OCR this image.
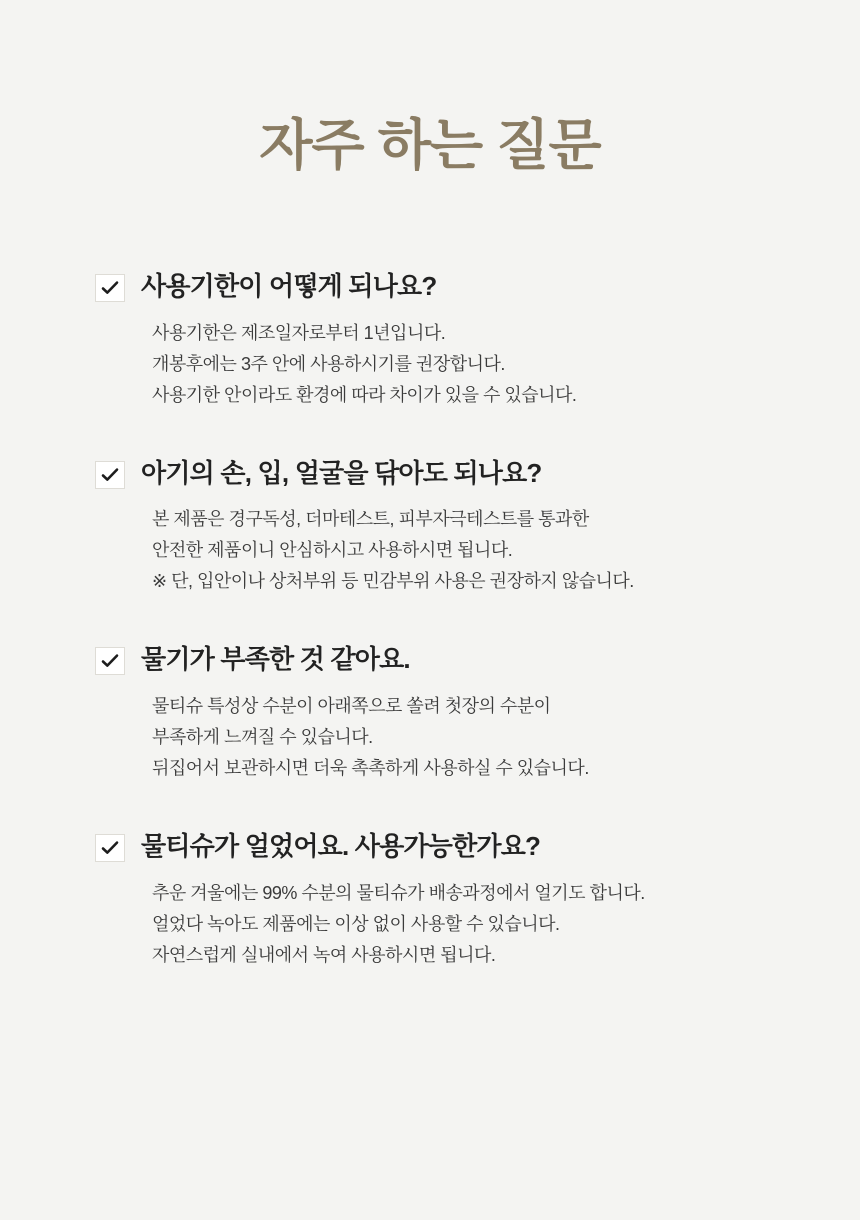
자주 하는 질문
사용기한이 어떻게 되나요?
사용기한은 제조일자로부터 1년입니다.
개봉후에는 3주 안에 사용하시기를 권장합니다.
사용기한 안이라도 환경에 따라 차이가 있을 수 있습니다.
아기의 손, 입, 얼굴을 닦아도 되나요?
본 제품은 경구독성, 더마테스트, 피부자극테스트를 통과한
안전한 제품이니 안심하시고 사용하시면 됩니다.
※ 단, 입안이나 상처부위 등 민감부위 사용은 권장하지 않습니다.
물기가 부족한 것 같아요.
물티슈 특성상 수분이 아래쪽으로 쏠려 첫장의 수분이
부족하게 느껴질 수 있습니다.
뒤집어서 보관하시면 더욱 촉촉하게 사용하실 수 있습니다.
물티슈가 얼었어요. 사용가능한가요?
추운 겨울에는 99% 수분의 물티슈가 배송과정에서 얼기도 합니다.
얼었다 녹아도 제품에는 이상 없이 사용할 수 있습니다.
자연스럽게 실내에서 녹여 사용하시면 됩니다.
